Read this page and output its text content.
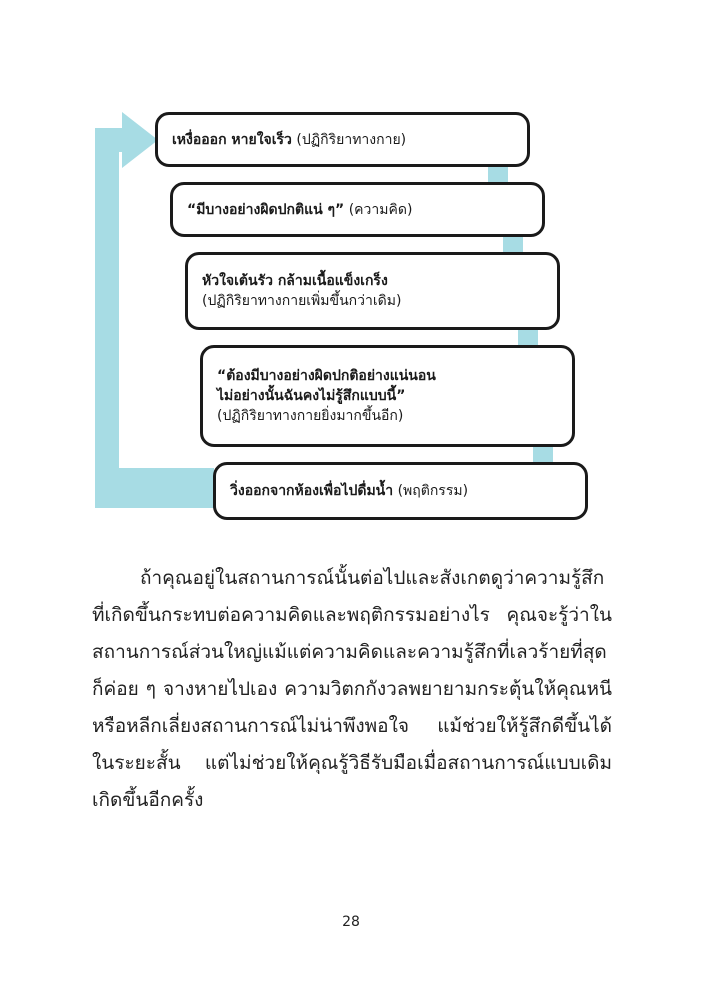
เหงื่อออก หายใจเร็ว (ปฏิกิริยาทางกาย)
“มีบางอย่างผิดปกติแน่ ๆ” (ความคิด)
หัวใจเต้นรัว กล้ามเนื้อแข็งเกร็ง
(ปฏิกิริยาทางกายเพิ่มขึ้นกว่าเดิม)
“ต้องมีบางอย่างผิดปกติอย่างแน่นอน
ไม่อย่างนั้นฉันคงไม่รู้สึกแบบนี้”
(ปฏิกิริยาทางกายยิ่งมากขึ้นอีก)
วิ่งออกจากห้องเพื่อไปดื่มน้ำ (พฤติกรรม)

ถ้าคุณอยู่ในสถานการณ์นั้นต่อไปและสังเกตดูว่าความรู้สึกที่เกิดขึ้นกระทบต่อความคิดและพฤติกรรมอย่างไร คุณจะรู้ว่าในสถานการณ์ส่วนใหญ่แม้แต่ความคิดและความรู้สึกที่เลวร้ายที่สุดก็ค่อย ๆ จางหายไปเอง ความวิตกกังวลพยายามกระตุ้นให้คุณหนีหรือหลีกเลี่ยงสถานการณ์ไม่น่าพึงพอใจ แม้ช่วยให้รู้สึกดีขึ้นได้ในระยะสั้น แต่ไม่ช่วยให้คุณรู้วิธีรับมือเมื่อสถานการณ์แบบเดิมเกิดขึ้นอีกครั้ง

28
